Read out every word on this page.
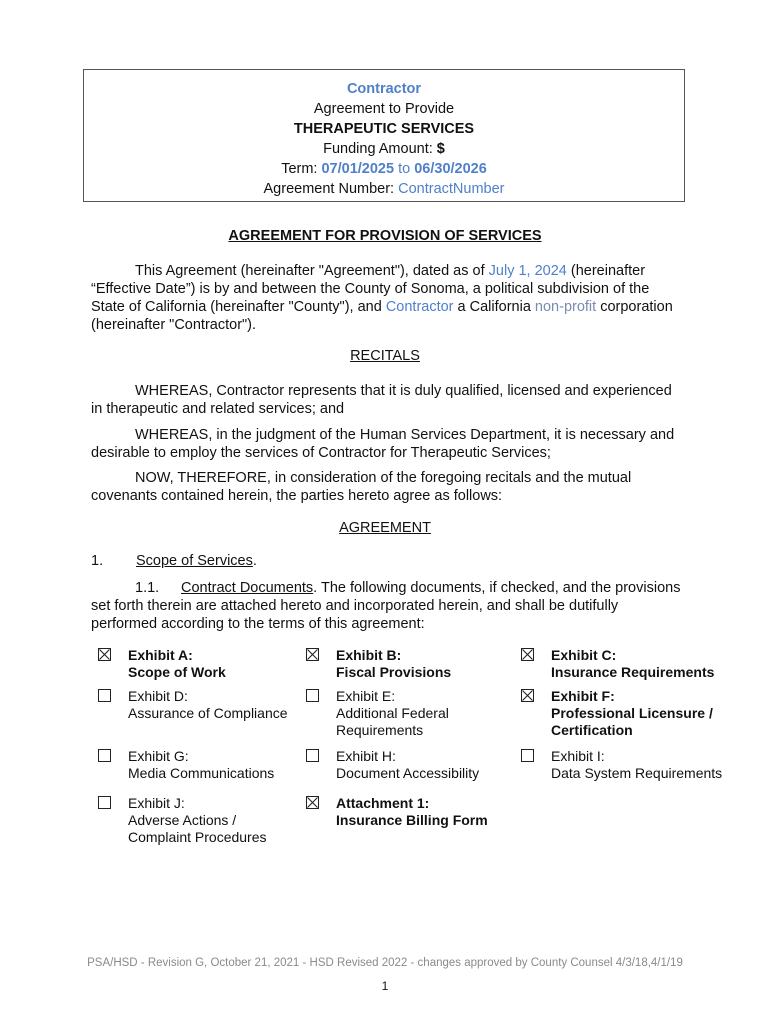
Contractor
Agreement to Provide
THERAPEUTIC SERVICES
Funding Amount: $
Term: 07/01/2025 to 06/30/2026
Agreement Number: ContractNumber
AGREEMENT FOR PROVISION OF SERVICES

This Agreement (hereinafter "Agreement"), dated as of July 1, 2024 (hereinafter “Effective Date”) is by and between the County of Sonoma, a political subdivision of the State of California (hereinafter "County"), and Contractor a California non-profit corporation (hereinafter "Contractor").

RECITALS

WHEREAS, Contractor represents that it is duly qualified, licensed and experienced in therapeutic and related services; and

WHEREAS, in the judgment of the Human Services Department, it is necessary and desirable to employ the services of Contractor for Therapeutic Services;

NOW, THEREFORE, in consideration of the foregoing recitals and the mutual covenants contained herein, the parties hereto agree as follows:

AGREEMENT
1. Scope of Services.

1.1. Contract Documents. The following documents, if checked, and the provisions set forth therein are attached hereto and incorporated herein, and shall be dutifully performed according to the terms of this agreement:

Exhibit A:
Scope of Work
Exhibit B:
Fiscal Provisions
Exhibit C:
Insurance Requirements
Exhibit D:
Assurance of Compliance
Exhibit E:
Additional Federal
Requirements
Exhibit F:
Professional Licensure /
Certification
Exhibit G:
Media Communications
Exhibit H:
Document Accessibility
Exhibit I:
Data System Requirements
Exhibit J:
Adverse Actions /
Complaint Procedures
Attachment 1:
Insurance Billing Form
PSA/HSD - Revision G, October 21, 2021 - HSD Revised 2022 - changes approved by County Counsel 4/3/18,4/1/19
1
